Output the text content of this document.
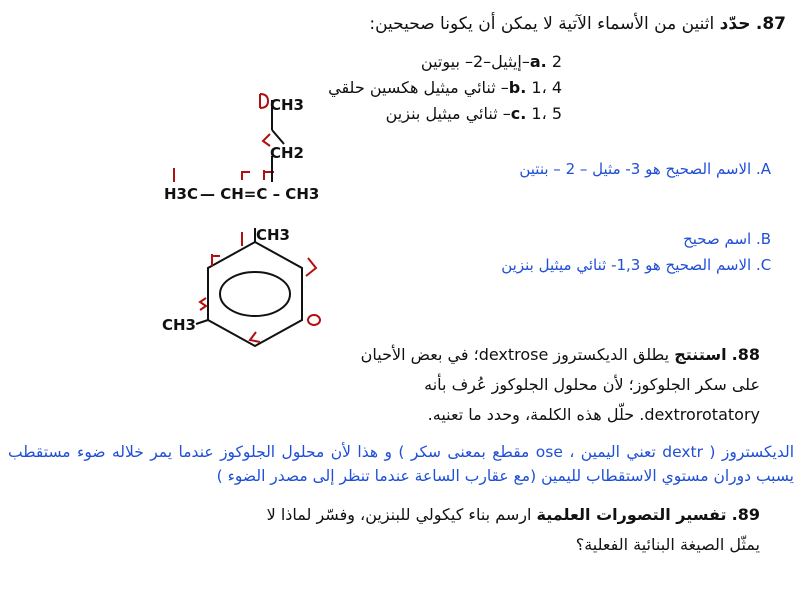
87. حدّد اثنين من الأسماء الآتية لا يمكن أن يكونا صحيحين:
a. 2–إيثيل–2– بيوتين
b. 1، 4– ثنائي ميثيل هكسين حلقي
c. 1، 5– ثنائي ميثيل بنزين
CH3
CH2
H3C — CH=C – CH3
CH3
CH3
A. الاسم الصحيح هو 3- مثيل – 2 – بنتين
B. اسم صحيح
C. الاسم الصحيح هو 1,3- ثنائي ميثيل بنزين
88. استنتج يطلق الديكستروز dextrose؛ في بعض الأحيان على سكر الجلوكوز؛ لأن محلول الجلوكوز عُرف بأنه dextrorotatory. حلّل هذه الكلمة، وحدد ما تعنيه.
الديكستروز ( dextr تعني اليمين ، ose مقطع بمعنى سكر ) و هذا لأن محلول الجلوكوز عندما يمر خلاله ضوء مستقطب يسبب دوران مستوي الاستقطاب لليمين (مع عقارب الساعة عندما تنظر إلى مصدر الضوء )
89. تفسير التصورات العلمية ارسم بناء كيكولي للبنزين، وفسّر لماذا لا يمثّل الصيغة البنائية الفعلية؟
